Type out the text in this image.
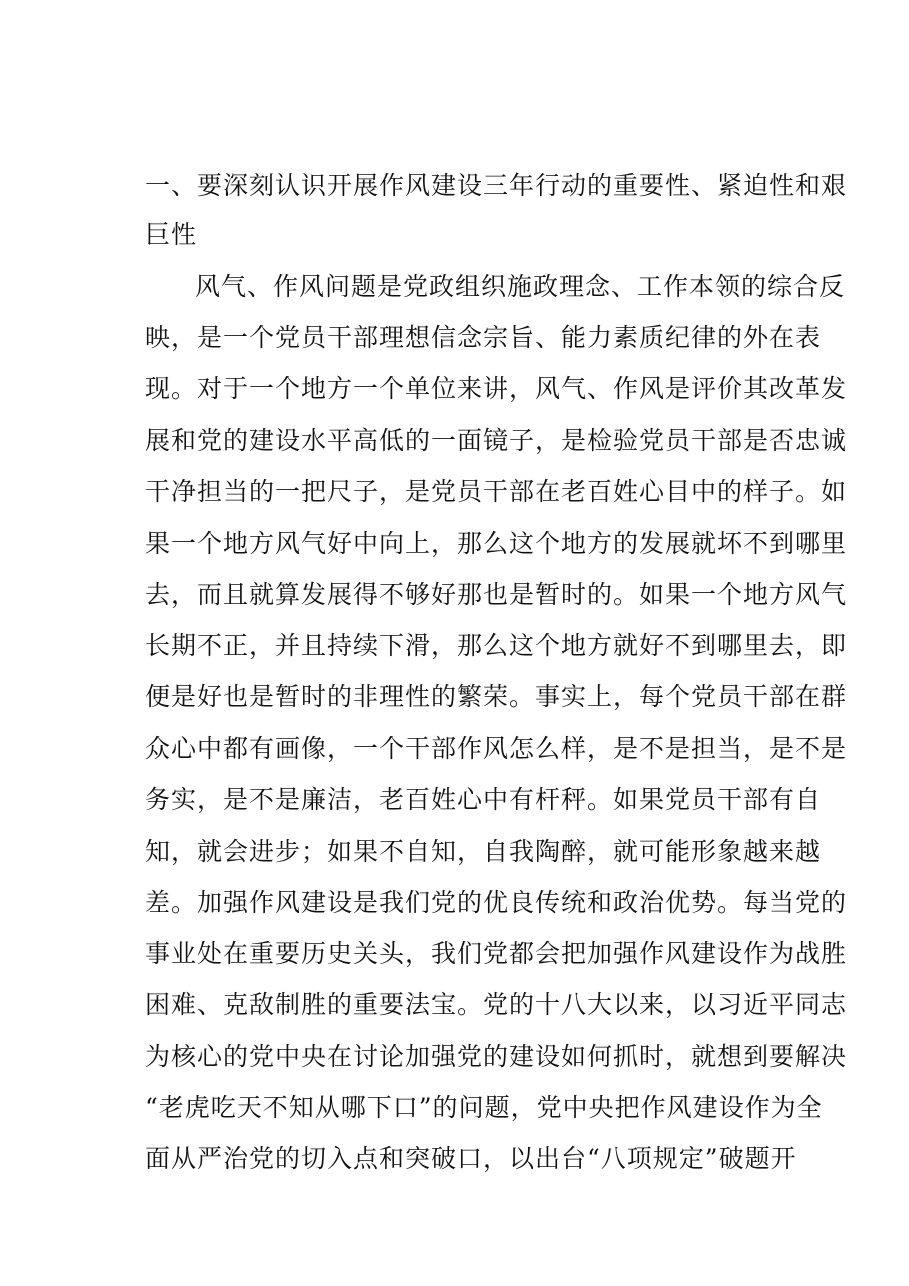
一、要深刻认识开展作风建设三年行动的重要性、紧迫性和艰

巨性

风气、作风问题是党政组织施政理念、工作本领的综合反

映，是一个党员干部理想信念宗旨、能力素质纪律的外在表

现。对于一个地方一个单位来讲，风气、作风是评价其改革发

展和党的建设水平高低的一面镜子，是检验党员干部是否忠诚

干净担当的一把尺子，是党员干部在老百姓心目中的样子。如

果一个地方风气好中向上，那么这个地方的发展就坏不到哪里

去，而且就算发展得不够好那也是暂时的。如果一个地方风气

长期不正，并且持续下滑，那么这个地方就好不到哪里去，即

便是好也是暂时的非理性的繁荣。事实上，每个党员干部在群

众心中都有画像，一个干部作风怎么样，是不是担当，是不是

务实，是不是廉洁，老百姓心中有杆秤。如果党员干部有自

知，就会进步；如果不自知，自我陶醉，就可能形象越来越

差。加强作风建设是我们党的优良传统和政治优势。每当党的

事业处在重要历史关头，我们党都会把加强作风建设作为战胜

困难、克敌制胜的重要法宝。党的十八大以来，以习近平同志

为核心的党中央在讨论加强党的建设如何抓时，就想到要解决

“老虎吃天不知从哪下口”的问题，党中央把作风建设作为全

面从严治党的切入点和突破口，以出台“八项规定”破题开
